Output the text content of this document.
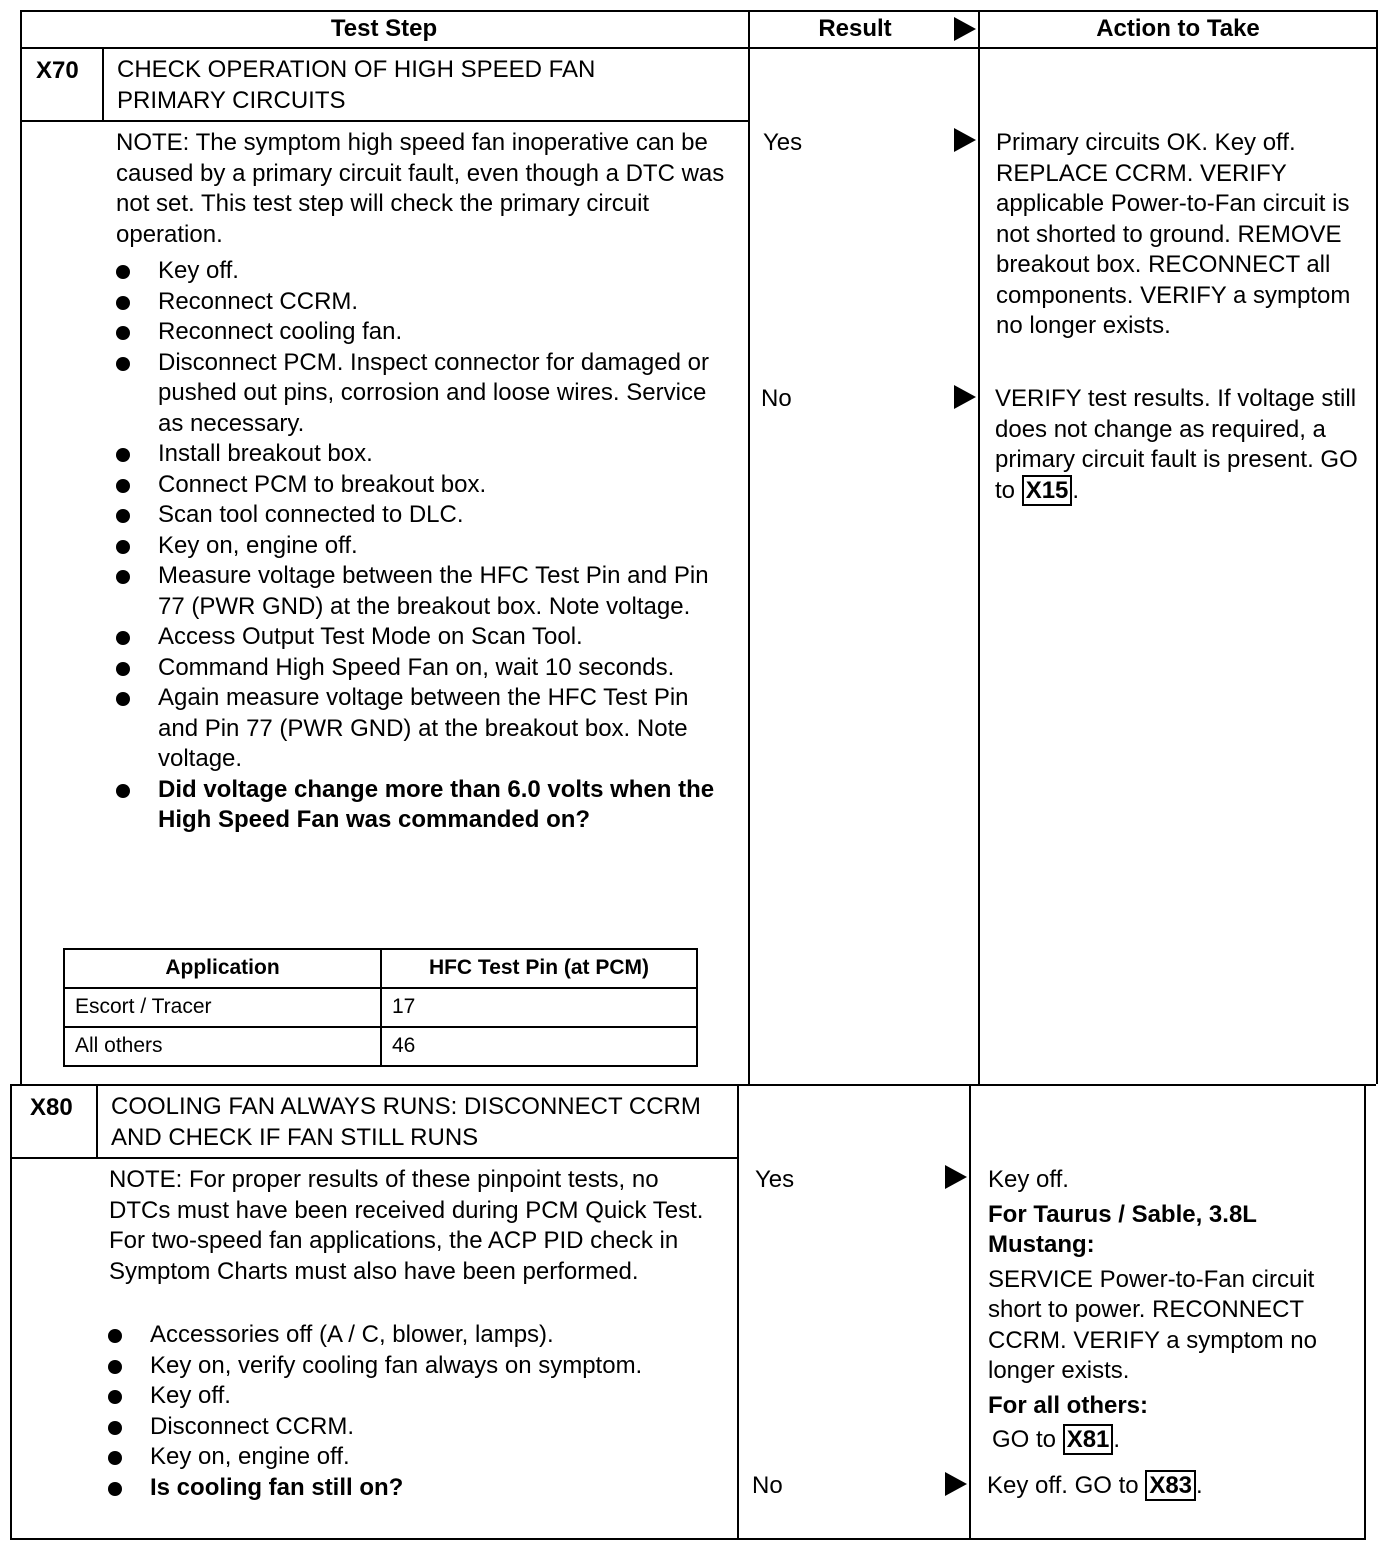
Test Step	Result	Action to Take
X70 CHECK OPERATION OF HIGH SPEED FAN PRIMARY CIRCUITS
NOTE: The symptom high speed fan inoperative can be caused by a primary circuit fault, even though a DTC was not set. This test step will check the primary circuit operation.
Key off.
Reconnect CCRM.
Reconnect cooling fan.
Disconnect PCM. Inspect connector for damaged or pushed out pins, corrosion and loose wires. Service as necessary.
Install breakout box.
Connect PCM to breakout box.
Scan tool connected to DLC.
Key on, engine off.
Measure voltage between the HFC Test Pin and Pin 77 (PWR GND) at the breakout box. Note voltage.
Access Output Test Mode on Scan Tool.
Command High Speed Fan on, wait 10 seconds.
Again measure voltage between the HFC Test Pin and Pin 77 (PWR GND) at the breakout box. Note voltage.
Did voltage change more than 6.0 volts when the High Speed Fan was commanded on?
Application	HFC Test Pin (at PCM)
Escort / Tracer	17
All others	46
Yes	Primary circuits OK. Key off. REPLACE CCRM. VERIFY applicable Power-to-Fan circuit is not shorted to ground. REMOVE breakout box. RECONNECT all components. VERIFY a symptom no longer exists.
No	VERIFY test results. If voltage still does not change as required, a primary circuit fault is present. GO to X15 .
X80 COOLING FAN ALWAYS RUNS: DISCONNECT CCRM AND CHECK IF FAN STILL RUNS
NOTE: For proper results of these pinpoint tests, no DTCs must have been received during PCM Quick Test. For two-speed fan applications, the ACP PID check in Symptom Charts must also have been performed.
Accessories off (A / C, blower, lamps).
Key on, verify cooling fan always on symptom.
Key off.
Disconnect CCRM.
Key on, engine off.
Is cooling fan still on?
Yes	Key off.

For Taurus / Sable, 3.8L Mustang:

SERVICE Power-to-Fan circuit short to power. RECONNECT CCRM. VERIFY a symptom no longer exists.

For all others:

GO to X81 .

No	Key off. GO to X83 .
